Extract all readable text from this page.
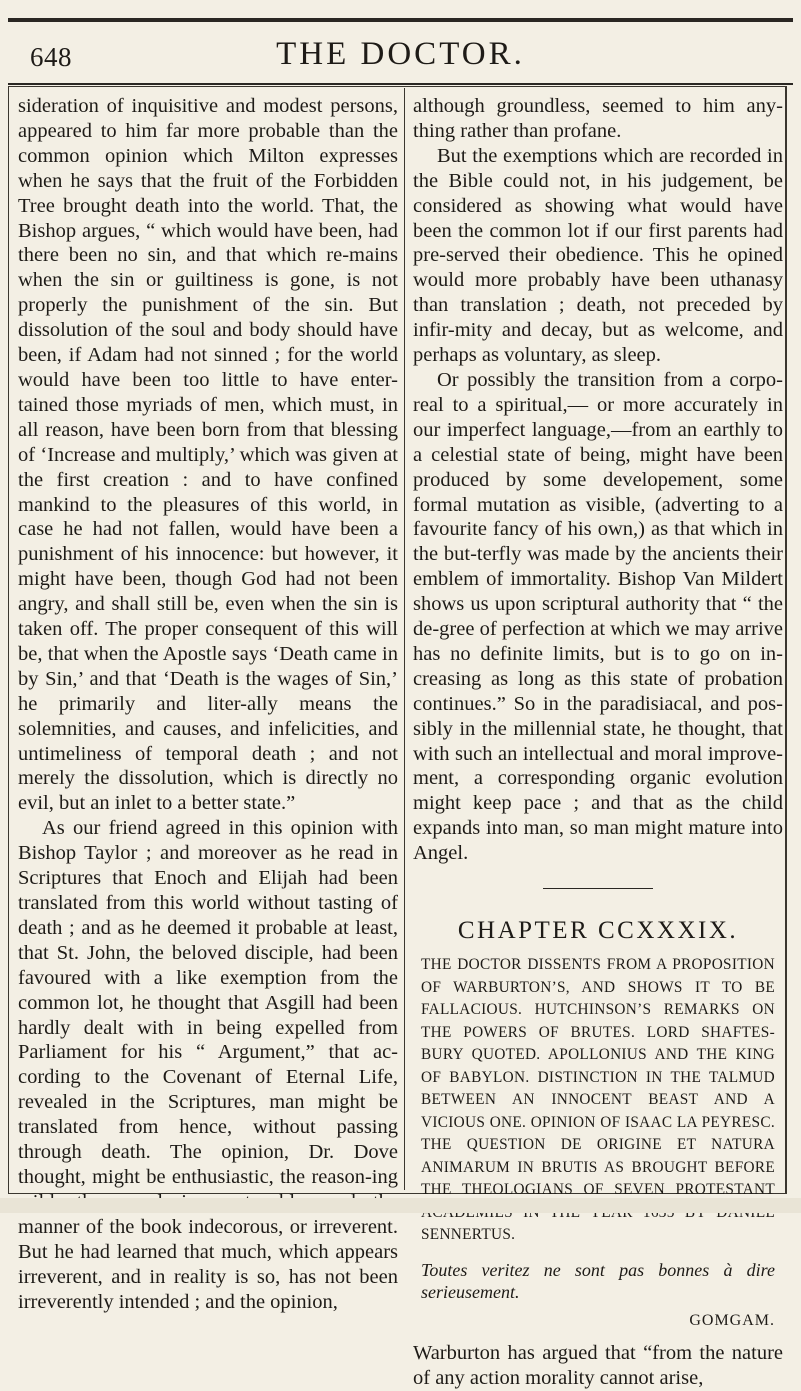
648	THE DOCTOR.

sideration of inquisitive and modest persons, appeared to him far more probable than the common opinion which Milton expresses when he says that the fruit of the Forbidden Tree brought death into the world. That, the Bishop argues, “ which would have been, had there been no sin, and that which re-mains when the sin or guiltiness is gone, is not properly the punishment of the sin. But dissolution of the soul and body should have been, if Adam had not sinned ; for the world would have been too little to have enter-tained those myriads of men, which must, in all reason, have been born from that blessing of ‘Increase and multiply,’ which was given at the first creation : and to have confined mankind to the pleasures of this world, in case he had not fallen, would have been a punishment of his innocence: but however, it might have been, though God had not been angry, and shall still be, even when the sin is taken off. The proper consequent of this will be, that when the Apostle says ‘Death came in by Sin,’ and that ‘Death is the wages of Sin,’ he primarily and liter-ally means the solemnities, and causes, and infelicities, and untimeliness of temporal death ; and not merely the dissolution, which is directly no evil, but an inlet to a better state.”

As our friend agreed in this opinion with Bishop Taylor ; and moreover as he read in Scriptures that Enoch and Elijah had been translated from this world without tasting of death ; and as he deemed it probable at least, that St. John, the beloved disciple, had been favoured with a like exemption from the common lot, he thought that Asgill had been hardly dealt with in being expelled from Parliament for his “ Argument,” that ac-cording to the Covenant of Eternal Life, revealed in the Scriptures, man might be translated from hence, without passing through death. The opinion, Dr. Dove thought, might be enthusiastic, the reason-ing manner of the book indecorous, or irreverent. But he had learned that much, which appears irreverent, and in reality is so, has not been irreverently intended ; and the opinion,

although groundless, seemed to him any-thing rather than profane.

But the exemptions which are recorded in the Bible could not, in his judgement, be considered as showing what would have been the common lot if our first parents had pre-served their obedience. This he opined would more probably have been uthanasy than translation ; death, not preceded by infir-mity and decay, but as welcome, and perhaps as voluntary, as sleep.

Or possibly the transition from a corpo-real to a spiritual,— or more accurately in our imperfect language,—from an earthly to a celestial state of being, might have been produced by some developement, some formal mutation as visible, (adverting to a favourite fancy of his own,) as that which in the but-terfly was made by the ancients their emblem of immortality. Bishop Van Mildert shows us upon scriptural authority that “ the de-gree of perfection at which we may arrive has no definite limits, but is to go on in-creasing as long as this state of probation continues.” So in the paradisiacal, and pos-sibly in the millennial state, he thought, that with such an intellectual and moral improve-ment, a corresponding organic evolution might keep pace ; and that as the child expands into man, so man might mature into Angel.

CHAPTER CCXXXIX.
THE DOCTOR DISSENTS FROM A PROPOSITION OF WARBURTON’S, AND SHOWS IT TO BE FALLACIOUS. HUTCHINSON’S REMARKS ON THE POWERS OF BRUTES. LORD SHAFTES-BURY QUOTED. APOLLONIUS AND THE KING OF BABYLON. DISTINCTION IN THE TALMUD BETWEEN AN INNOCENT BEAST AND A VICIOUS ONE. OPINION OF ISAAC LA PEYRESC. THE QUESTION DE ORIGINE ET NATURA ANIMARUM IN BRUTIS AS BROUGHT BEFORE THE THEOLOGIANS OF SEVEN PROTESTANT SENNERTUS.
Toutes veritez ne sont pas bonnes à dire serieusement.
GOMGAM.

Warburton has argued that “from the nature of any action morality cannot arise,
